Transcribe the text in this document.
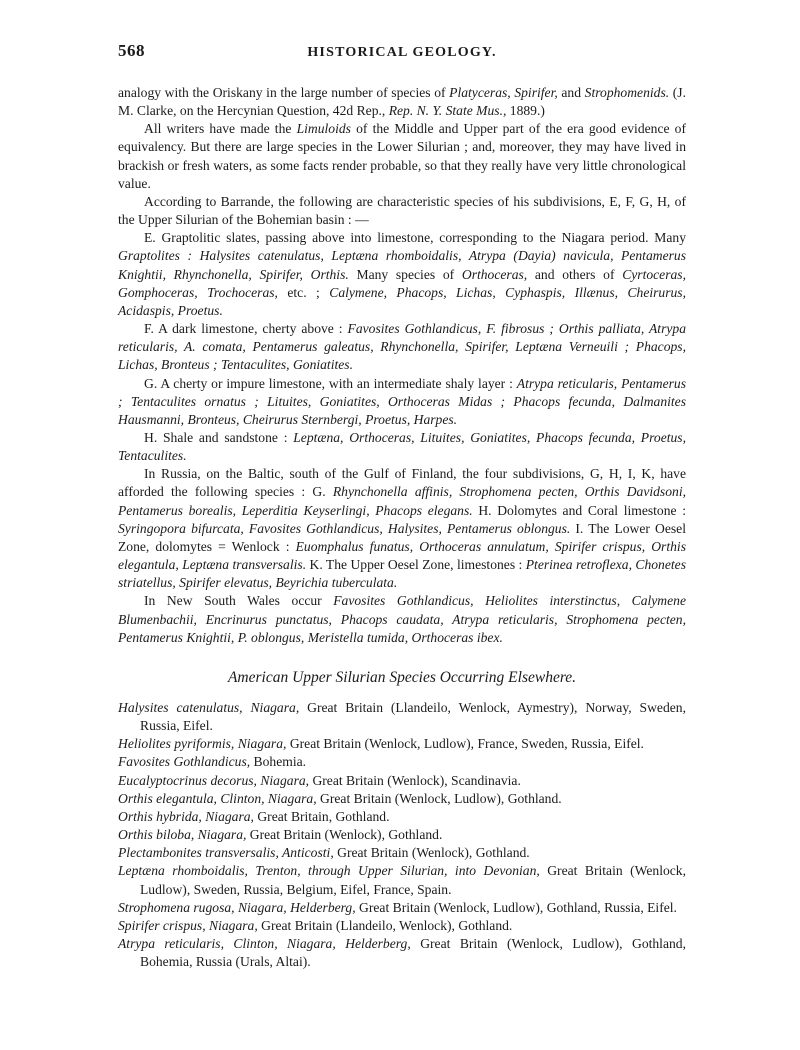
568	HISTORICAL GEOLOGY.

analogy with the Oriskany in the large number of species of Platyceras, Spirifer, and Strophomenids. (J. M. Clarke, on the Hercynian Question, 42d Rep., Rep. N. Y. State Mus., 1889.)

All writers have made the Limuloids of the Middle and Upper part of the era good evidence of equivalency. But there are large species in the Lower Silurian ; and, moreover, they may have lived in brackish or fresh waters, as some facts render probable, so that they really have very little chronological value.

According to Barrande, the following are characteristic species of his subdivisions, E, F, G, H, of the Upper Silurian of the Bohemian basin : —

E. Graptolitic slates, passing above into limestone, corresponding to the Niagara period. Many Graptolites : Halysites catenulatus, Leptæna rhomboidalis, Atrypa (Dayia) navicula, Pentamerus Knightii, Rhynchonella, Spirifer, Orthis. Many species of Orthoceras, and others of Cyrtoceras, Gomphoceras, Trochoceras, etc. ; Calymene, Phacops, Lichas, Cyphaspis, Illænus, Cheirurus, Acidaspis, Proetus.

F. A dark limestone, cherty above : Favosites Gothlandicus, F. fibrosus ; Orthis palliata, Atrypa reticularis, A. comata, Pentamerus galeatus, Rhynchonella, Spirifer, Leptæna Verneuili ; Phacops, Lichas, Bronteus ; Tentaculites, Goniatites.

G. A cherty or impure limestone, with an intermediate shaly layer : Atrypa reticularis, Pentamerus ; Tentaculites ornatus ; Lituites, Goniatites, Orthoceras Midas ; Phacops fecunda, Dalmanites Hausmanni, Bronteus, Cheirurus Sternbergi, Proetus, Harpes.

H. Shale and sandstone : Leptæna, Orthoceras, Lituites, Goniatites, Phacops fecunda, Proetus, Tentaculites.

In Russia, on the Baltic, south of the Gulf of Finland, the four subdivisions, G, H, I, K, have afforded the following species : G. Rhynchonella affinis, Strophomena pecten, Orthis Davidsoni, Pentamerus borealis, Leperditia Keyserlingi, Phacops elegans. H. Dolomytes and Coral limestone : Syringopora bifurcata, Favosites Gothlandicus, Halysites, Pentamerus oblongus. I. The Lower Oesel Zone, dolomytes = Wenlock : Euomphalus funatus, Orthoceras annulatum, Spirifer crispus, Orthis elegantula, Leptæna transversalis. K. The Upper Oesel Zone, limestones : Pterinea retroflexa, Chonetes striatellus, Spirifer elevatus, Beyrichia tuberculata.

In New South Wales occur Favosites Gothlandicus, Heliolites interstinctus, Calymene Blumenbachii, Encrinurus punctatus, Phacops caudata, Atrypa reticularis, Strophomena pecten, Pentamerus Knightii, P. oblongus, Meristella tumida, Orthoceras ibex.

American Upper Silurian Species Occurring Elsewhere.
Halysites catenulatus, Niagara, Great Britain (Llandeilo, Wenlock, Aymestry), Norway, Sweden, Russia, Eifel.
Heliolites pyriformis, Niagara, Great Britain (Wenlock, Ludlow), France, Sweden, Russia, Eifel.
Favosites Gothlandicus, Bohemia.
Eucalyptocrinus decorus, Niagara, Great Britain (Wenlock), Scandinavia.
Orthis elegantula, Clinton, Niagara, Great Britain (Wenlock, Ludlow), Gothland.
Orthis hybrida, Niagara, Great Britain, Gothland.
Orthis biloba, Niagara, Great Britain (Wenlock), Gothland.
Plectambonites transversalis, Anticosti, Great Britain (Wenlock), Gothland.
Leptæna rhomboidalis, Trenton, through Upper Silurian, into Devonian, Great Britain (Wenlock, Ludlow), Sweden, Russia, Belgium, Eifel, France, Spain.
Strophomena rugosa, Niagara, Helderberg, Great Britain (Wenlock, Ludlow), Gothland, Russia, Eifel.
Spirifer crispus, Niagara, Great Britain (Llandeilo, Wenlock), Gothland.
Atrypa reticularis, Clinton, Niagara, Helderberg, Great Britain (Wenlock, Ludlow), Gothland, Bohemia, Russia (Urals, Altai).
